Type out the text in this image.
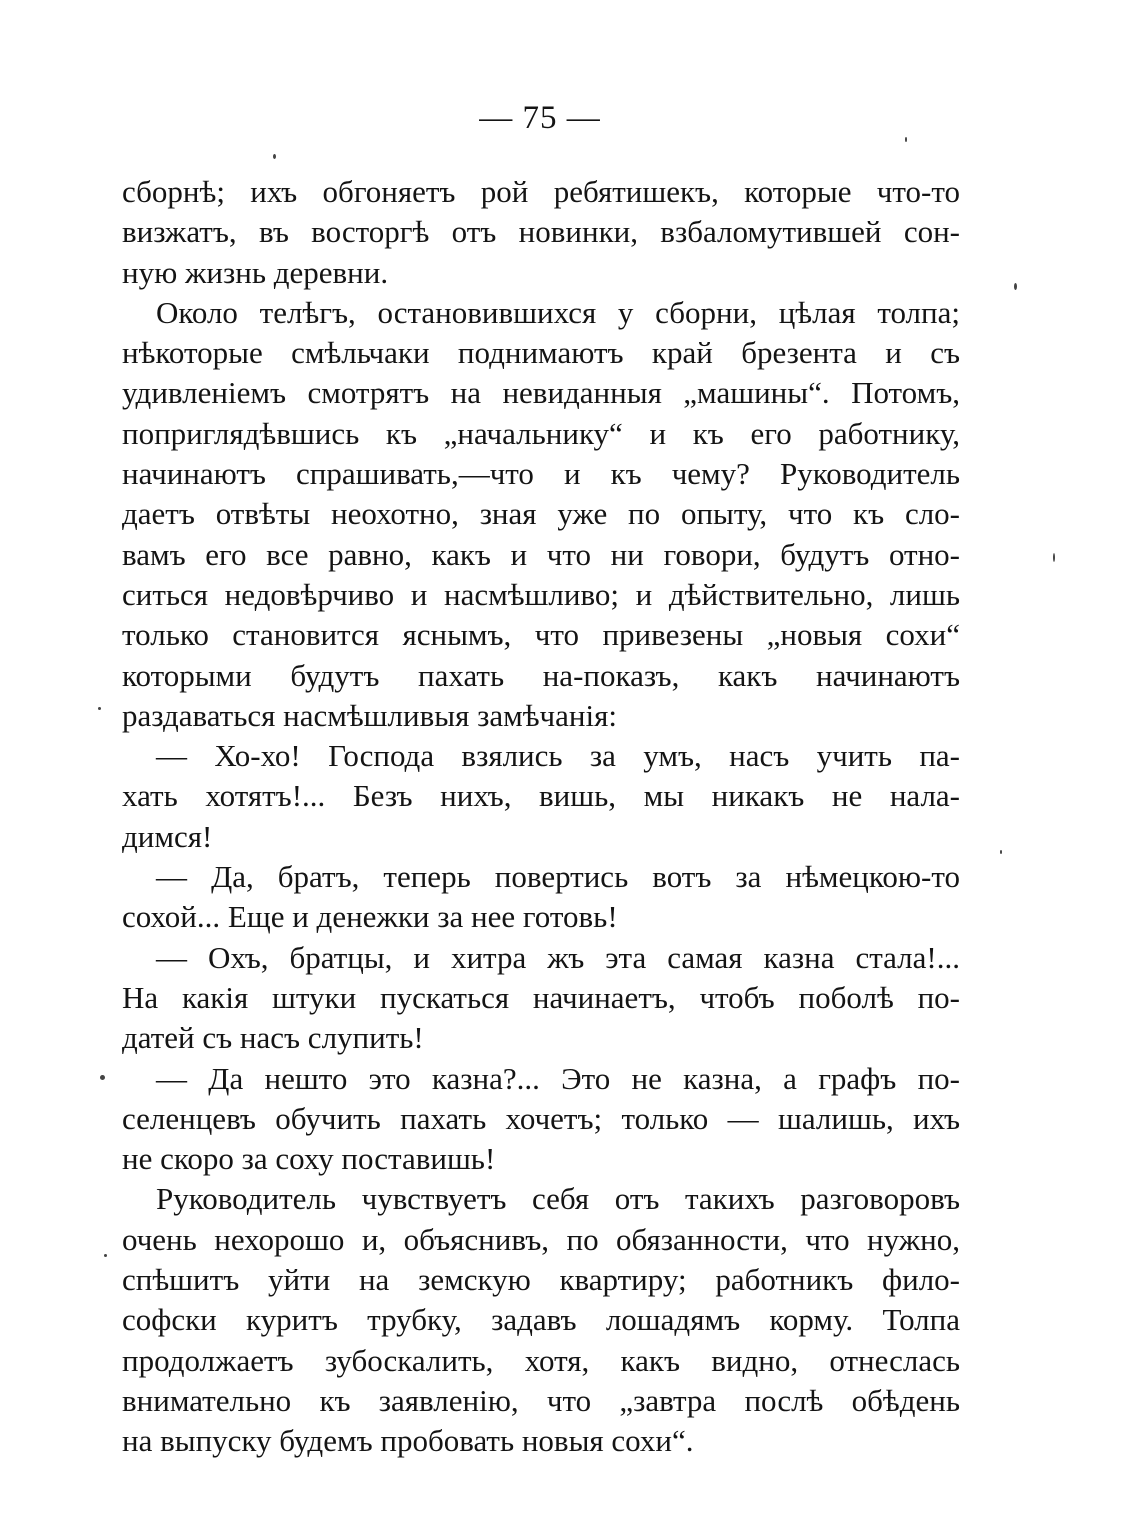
— 75 —
сборнѣ; ихъ обгоняетъ рой ребятишекъ, которые что-то
визжатъ, въ восторгѣ отъ новинки, взбаломутившей сон-
ную жизнь деревни.
Около телѣгъ, остановившихся у сборни, цѣлая толпа;
нѣкоторые смѣльчаки поднимаютъ край брезента и съ
удивленіемъ смотрятъ на невиданныя „машины“. Потомъ,
поприглядѣвшись къ „начальнику“ и къ его работнику,
начинаютъ спрашивать,—что и къ чему? Руководитель
даетъ отвѣты неохотно, зная уже по опыту, что къ сло-
вамъ его все равно, какъ и что ни говори, будутъ отно-
ситься недовѣрчиво и насмѣшливо; и дѣйствительно, лишь
только становится яснымъ, что привезены „новыя сохи“
которыми будутъ пахать на-показъ, какъ начинаютъ
раздаваться насмѣшливыя замѣчанія:
— Хо-хо! Господа взялись за умъ, насъ учить па-
хать хотятъ!... Безъ нихъ, вишь, мы никакъ не нала-
димся!
— Да, братъ, теперь повертись вотъ за нѣмецкою-то
сохой... Еще и денежки за нее готовь!
— Охъ, братцы, и хитра жъ эта самая казна стала!...
На какія штуки пускаться начинаетъ, чтобъ поболѣ по-
датей съ насъ слупить!
— Да нешто это казна?... Это не казна, а графъ по-
селенцевъ обучить пахать хочетъ; только — шалишь, ихъ
не скоро за соху поставишь!
Руководитель чувствуетъ себя отъ такихъ разговоровъ
очень нехорошо и, объяснивъ, по обязанности, что нужно,
спѣшитъ уйти на земскую квартиру; работникъ фило-
софски куритъ трубку, задавъ лошадямъ корму. Толпа
продолжаетъ зубоскалить, хотя, какъ видно, отнеслась
внимательно къ заявленію, что „завтра послѣ обѣдень
на выпуску будемъ пробовать новыя сохи“.
